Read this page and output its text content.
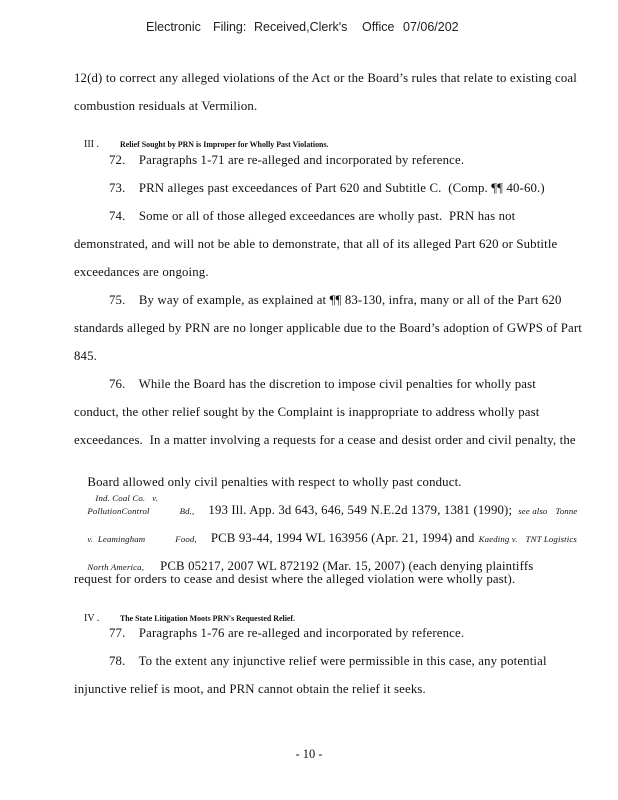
Electronic Filing: Received,Clerk's Office 07/06/202
12(d) to correct any alleged violations of the Act or the Board’s rules that relate to existing coal
combustion residuals at Vermilion.

III . Relief Sought by PRN is Improper for Wholly Past Violations.

72.    Paragraphs 1-71 are re-alleged and incorporated by reference.
73.    PRN alleges past exceedances of Part 620 and Subtitle C.  (Comp. ¶¶ 40-60.)
74.    Some or all of those alleged exceedances are wholly past.  PRN has not
demonstrated, and will not be able to demonstrate, that all of its alleged Part 620 or Subtitle
exceedances are ongoing.
75.    By way of example, as explained at ¶¶ 83-130, infra, many or all of the Part 620
standards alleged by PRN are no longer applicable due to the Board’s adoption of GWPS of Part
845.
76.    While the Board has the discretion to impose civil penalties for wholly past
conduct, the other relief sought by the Complaint is inappropriate to address wholly past
exceedances.  In a matter involving a requests for a cease and desist order and civil penalty, the

Board allowed only civil penalties with respect to wholly past conduct.
Ind. Coal Co.   v.

PollutionControl	Bd., 193 Ill. App. 3d 643, 646, 549 N.E.2d 1379, 1381 (1990); see also Tonne

v.  Leamingham	Food, PCB 93-44, 1994 WL 163956 (Apr. 21, 1994) and Kaeding v. TNT Logistics

North America, PCB 05217, 2007 WL 872192 (Mar. 15, 2007) (each denying plaintiffs

request for orders to cease and desist where the alleged violation were wholly past).

IV . The State Litigation Moots PRN's Requested Relief.

77.    Paragraphs 1-76 are re-alleged and incorporated by reference.
78.    To the extent any injunctive relief were permissible in this case, any potential
injunctive relief is moot, and PRN cannot obtain the relief it seeks.
- 10 -
